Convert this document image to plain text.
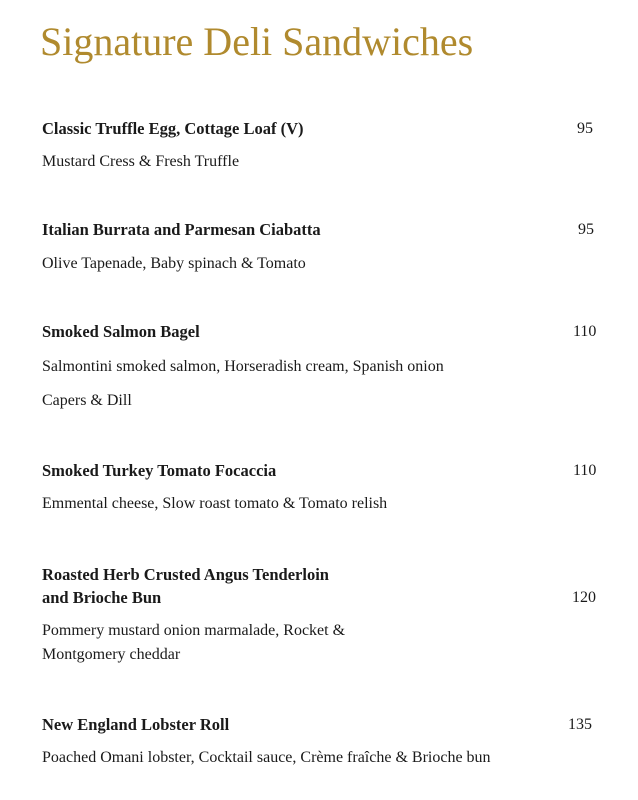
Signature Deli Sandwiches
Classic Truffle Egg, Cottage Loaf (V)	95
Mustard Cress & Fresh Truffle
Italian Burrata and Parmesan Ciabatta	95
Olive Tapenade, Baby spinach & Tomato
Smoked Salmon Bagel	110
Salmontini smoked salmon, Horseradish cream, Spanish onion
Capers & Dill
Smoked Turkey Tomato Focaccia	110
Emmental cheese, Slow roast tomato & Tomato relish
Roasted Herb Crusted Angus Tenderloin
and Brioche Bun	120
Pommery mustard onion marmalade, Rocket &
Montgomery cheddar
New England Lobster Roll	135
Poached Omani lobster, Cocktail sauce, Crème fraîche & Brioche bun
